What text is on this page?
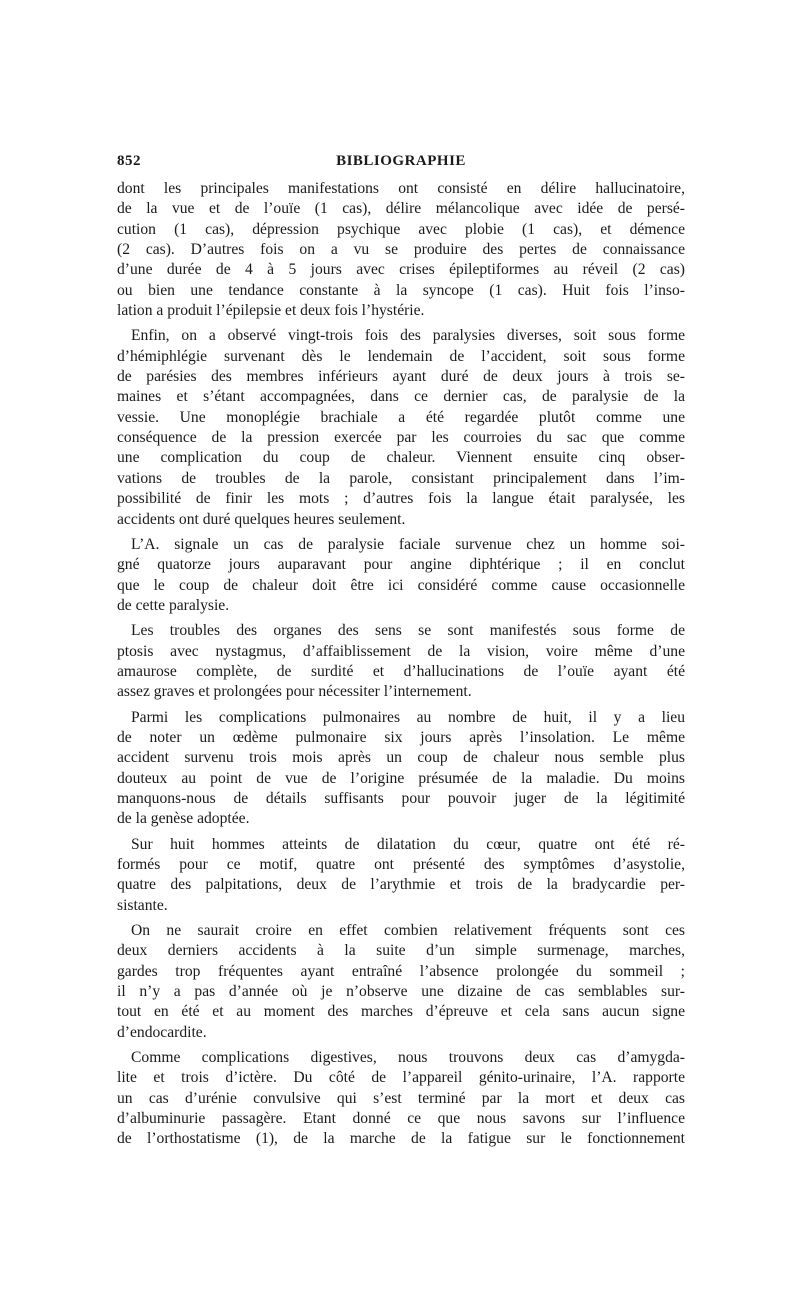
852	BIBLIOGRAPHIE
dont les principales manifestations ont consisté en délire hallucinatoire,
de la vue et de l’ouïe (1 cas), délire mélancolique avec idée de persé-
cution (1 cas), dépression psychique avec plobie (1 cas), et démence
(2 cas). D’autres fois on a vu se produire des pertes de connaissance
d’une durée de 4 à 5 jours avec crises épileptiformes au réveil (2 cas)
ou bien une tendance constante à la syncope (1 cas). Huit fois l’inso-
lation a produit l’épilepsie et deux fois l’hystérie.
Enfin, on a observé vingt-trois fois des paralysies diverses, soit sous forme
d’hémiphlégie survenant dès le lendemain de l’accident, soit sous forme
de parésies des membres inférieurs ayant duré de deux jours à trois se-
maines et s’étant accompagnées, dans ce dernier cas, de paralysie de la
vessie. Une monoplégie brachiale a été regardée plutôt comme une
conséquence de la pression exercée par les courroies du sac que comme
une complication du coup de chaleur. Viennent ensuite cinq obser-
vations de troubles de la parole, consistant principalement dans l’im-
possibilité de finir les mots ; d’autres fois la langue était paralysée, les
accidents ont duré quelques heures seulement.
L’A. signale un cas de paralysie faciale survenue chez un homme soi-
gné quatorze jours auparavant pour angine diphtérique ; il en conclut
que le coup de chaleur doit être ici considéré comme cause occasionnelle
de cette paralysie.
Les troubles des organes des sens se sont manifestés sous forme de
ptosis avec nystagmus, d’affaiblissement de la vision, voire même d’une
amaurose complète, de surdité et d’hallucinations de l’ouïe ayant été
assez graves et prolongées pour nécessiter l’internement.
Parmi les complications pulmonaires au nombre de huit, il y a lieu
de noter un œdème pulmonaire six jours après l’insolation. Le même
accident survenu trois mois après un coup de chaleur nous semble plus
douteux au point de vue de l’origine présumée de la maladie. Du moins
manquons-nous de détails suffisants pour pouvoir juger de la légitimité
de la genèse adoptée.
Sur huit hommes atteints de dilatation du cœur, quatre ont été ré-
formés pour ce motif, quatre ont présenté des symptômes d’asystolie,
quatre des palpitations, deux de l’arythmie et trois de la bradycardie per-
sistante.
On ne saurait croire en effet combien relativement fréquents sont ces
deux derniers accidents à la suite d’un simple surmenage, marches,
gardes trop fréquentes ayant entraîné l’absence prolongée du sommeil ;
il n’y a pas d’année où je n’observe une dizaine de cas semblables sur-
tout en été et au moment des marches d’épreuve et cela sans aucun signe
d’endocardite.
Comme complications digestives, nous trouvons deux cas d’amygda-
lite et trois d’ictère. Du côté de l’appareil génito-urinaire, l’A. rapporte
un cas d’urénie convulsive qui s’est terminé par la mort et deux cas
d’albuminurie passagère. Etant donné ce que nous savons sur l’influence
de l’orthostatisme (1), de la marche de la fatigue sur le fonctionnement
